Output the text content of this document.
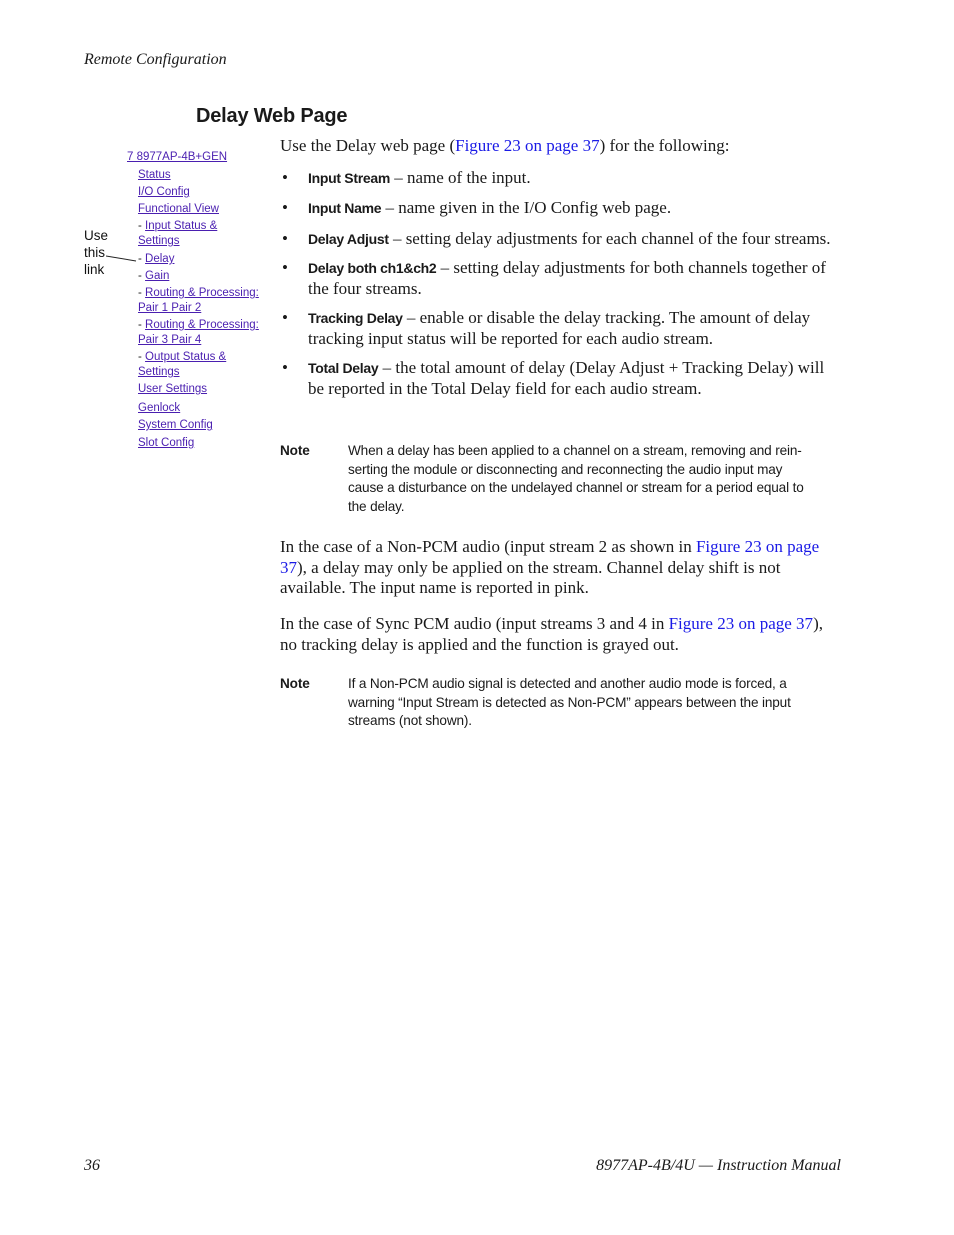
Remote Configuration
Delay Web Page
7 8977AP-4B+GEN
Status
I/O Config
Functional View
- Input Status &
Settings
- Delay
- Gain
- Routing & Processing:
Pair 1 Pair 2
- Routing & Processing:
Pair 3 Pair 4
- Output Status &
Settings
User Settings
Genlock
System Config
Slot Config
Use
this
link

Use the Delay web page (Figure 23 on page 37) for the following:

• Input Stream – name of the input.
• Input Name – name given in the I/O Config web page.
• Delay Adjust – setting delay adjustments for each channel of the four streams.
• Delay both ch1&ch2 – setting delay adjustments for both channels together of the four streams.
• Tracking Delay – enable or disable the delay tracking. The amount of delay tracking input status will be reported for each audio stream.
• Total Delay – the total amount of delay (Delay Adjust + Tracking Delay) will be reported in the Total Delay field for each audio stream.
Note	When a delay has been applied to a channel on a stream, removing and rein-serting the module or disconnecting and reconnecting the audio input may cause a disturbance on the undelayed channel or stream for a period equal to the delay.

In the case of a Non-PCM audio (input stream 2 as shown in Figure 23 on page 37), a delay may only be applied on the stream. Channel delay shift is not available. The input name is reported in pink.

In the case of Sync PCM audio (input streams 3 and 4 in Figure 23 on page 37), no tracking delay is applied and the function is grayed out.

Note	If a Non-PCM audio signal is detected and another audio mode is forced, a warning “Input Stream is detected as Non-PCM” appears between the input streams (not shown).
36	8977AP-4B/4U — Instruction Manual
